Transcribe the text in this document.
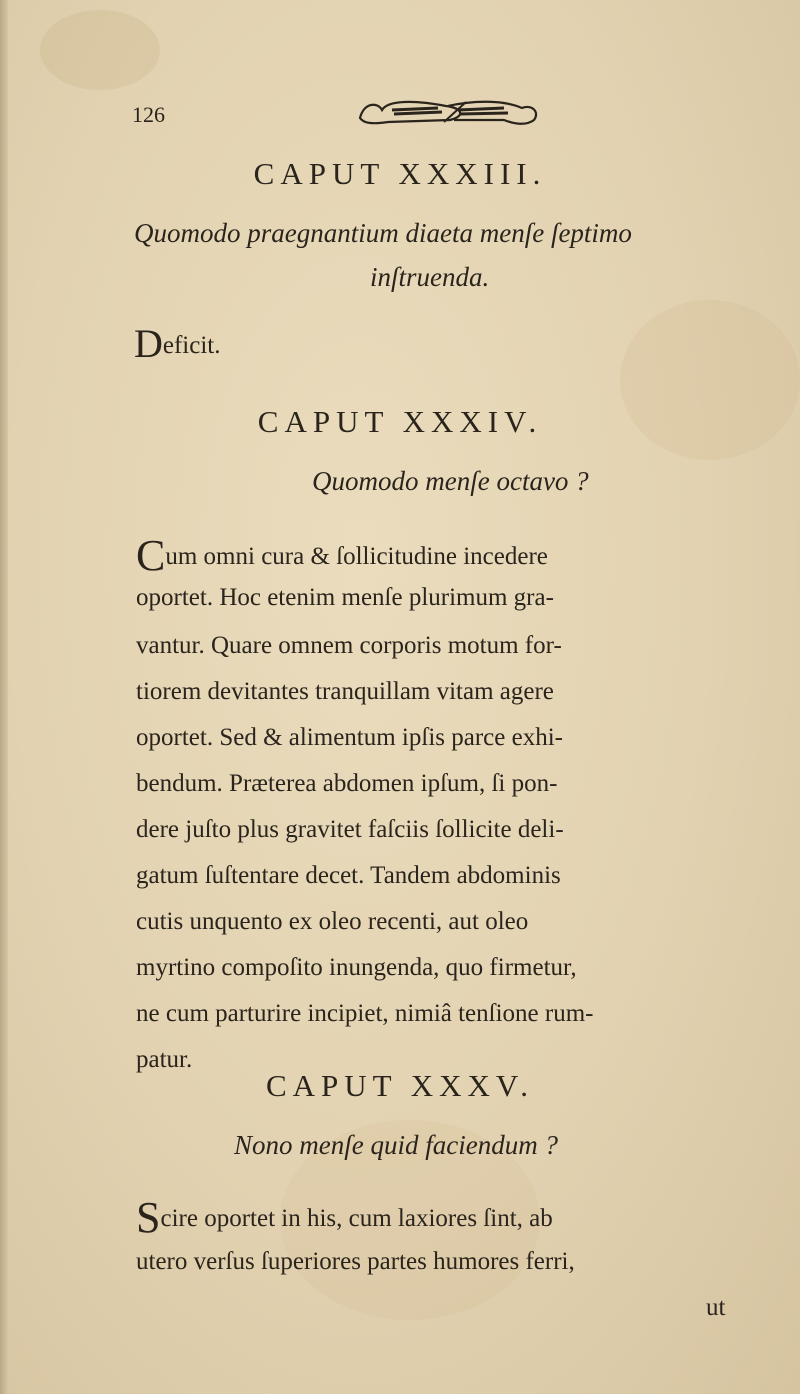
126
CAPUT XXXIII.
Quomodo praegnantium diaeta menſe ſeptimo
inſtruenda.
Deficit.
CAPUT XXXIV.
Quomodo menſe octavo ?
Cum omni cura & ſollicitudine incedere
oportet. Hoc etenim menſe plurimum gra-
vantur. Quare omnem corporis motum for-
tiorem devitantes tranquillam vitam agere
oportet. Sed & alimentum ipſis parce exhi-
bendum. Præterea abdomen ipſum, ſi pon-
dere juſto plus gravitet faſciis ſollicite deli-
gatum ſuſtentare decet. Tandem abdominis
cutis unquento ex oleo recenti, aut oleo
myrtino compoſito inungenda, quo firmetur,
ne cum parturire incipiet, nimiâ tenſione rum-
patur.
CAPUT XXXV.
Nono menſe quid faciendum ?
Scire oportet in his, cum laxiores ſint, ab
utero verſus ſuperiores partes humores ferri,
ut
